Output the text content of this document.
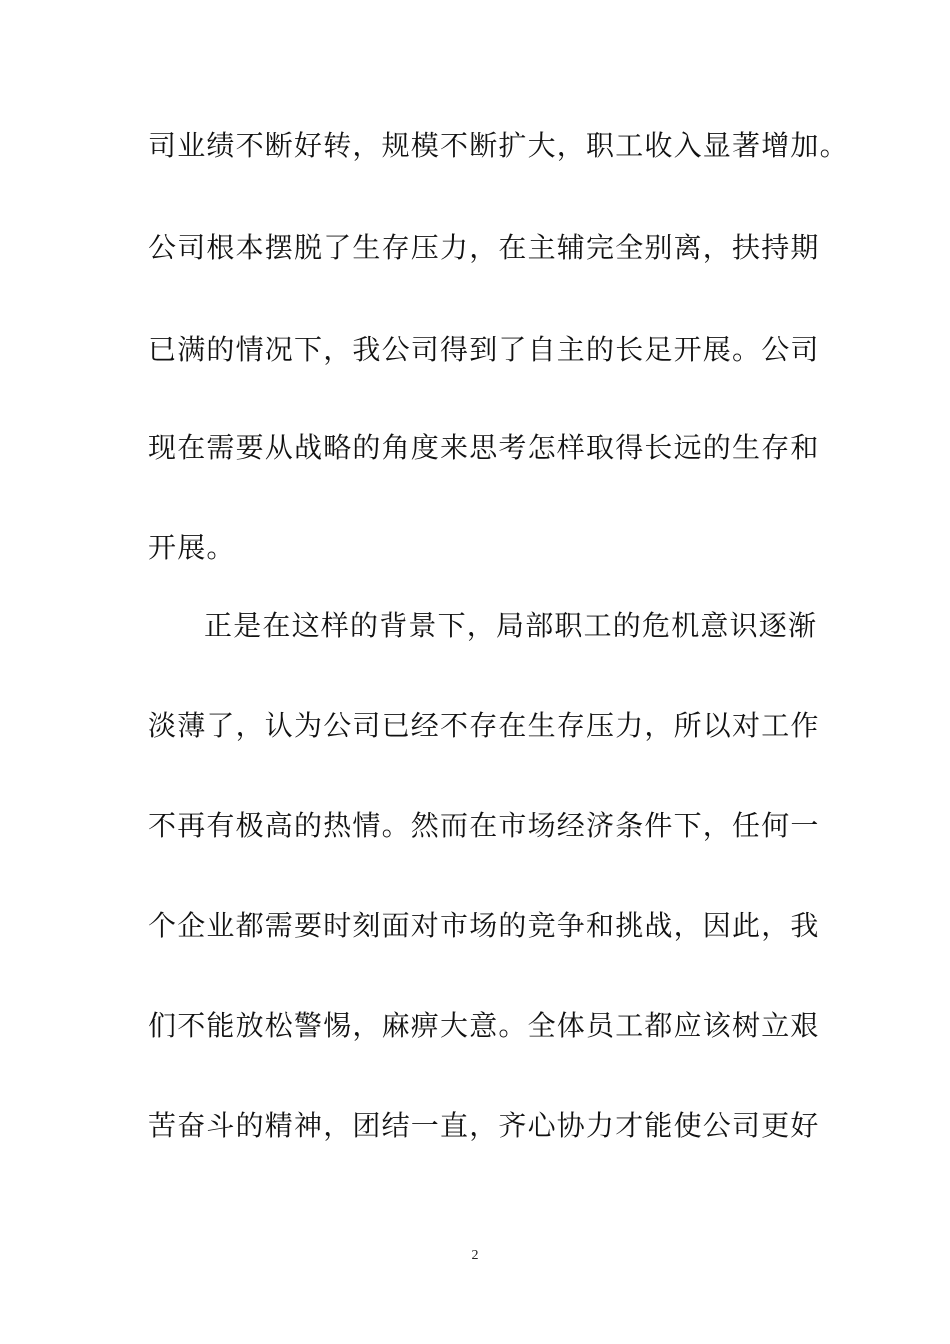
司业绩不断好转，规模不断扩大，职工收入显著增加。
公司根本摆脱了生存压力，在主辅完全别离，扶持期
已满的情况下，我公司得到了自主的长足开展。公司
现在需要从战略的角度来思考怎样取得长远的生存和
开展。
正是在这样的背景下，局部职工的危机意识逐渐
淡薄了，认为公司已经不存在生存压力，所以对工作
不再有极高的热情。然而在市场经济条件下，任何一
个企业都需要时刻面对市场的竞争和挑战，因此，我
们不能放松警惕，麻痹大意。全体员工都应该树立艰
苦奋斗的精神，团结一直，齐心协力才能使公司更好
2
